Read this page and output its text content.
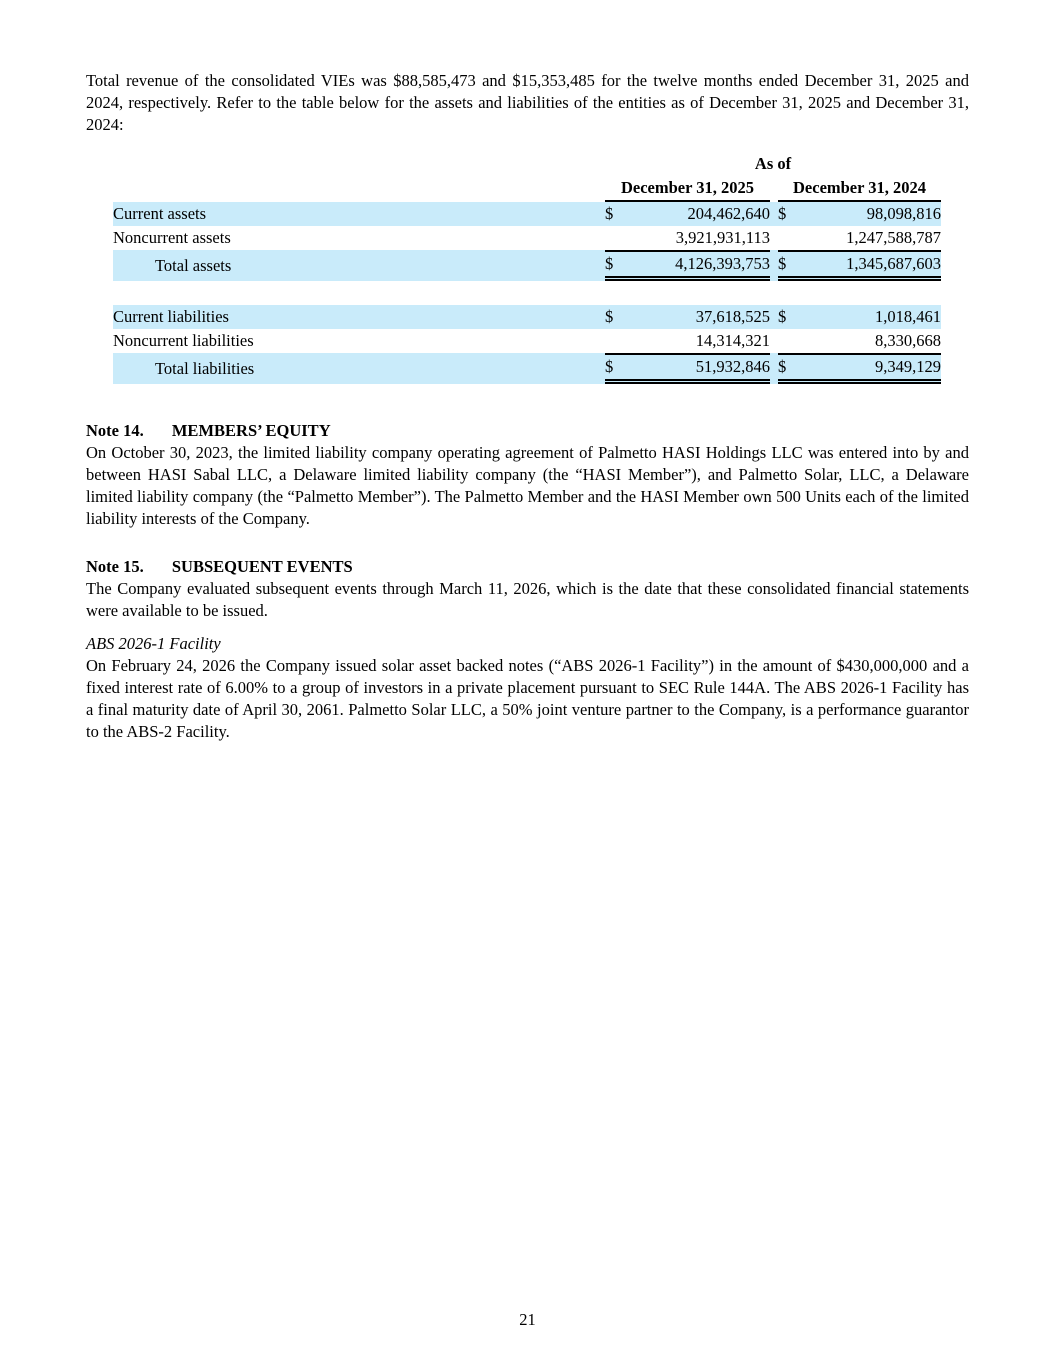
Total revenue of the consolidated VIEs was $88,585,473 and $15,353,485 for the twelve months ended December 31, 2025 and 2024, respectively. Refer to the table below for the assets and liabilities of the entities as of December 31, 2025 and December 31, 2024:

	As of				
	December 31, 2025			December 31, 2024	
Current assets	$	204,462,640		$	98,098,816
Noncurrent assets		3,921,931,113			1,247,588,787
Total assets	$	4,126,393,753		$	1,345,687,603

Current liabilities	$	37,618,525		$	1,018,461
Noncurrent liabilities		14,314,321			8,330,668
Total liabilities	$	51,932,846		$	9,349,129

Note 14. MEMBERS’ EQUITY

On October 30, 2023, the limited liability company operating agreement of Palmetto HASI Holdings LLC was entered into by and between HASI Sabal LLC, a Delaware limited liability company (the “HASI Member”), and Palmetto Solar, LLC, a Delaware limited liability company (the “Palmetto Member”). The Palmetto Member and the HASI Member own 500 Units each of the limited liability interests of the Company.

Note 15. SUBSEQUENT EVENTS

The Company evaluated subsequent events through March 11, 2026, which is the date that these consolidated financial statements were available to be issued.

ABS 2026-1 Facility

On February 24, 2026 the Company issued solar asset backed notes (“ABS 2026-1 Facility”) in the amount of $430,000,000 and a fixed interest rate of 6.00% to a group of investors in a private placement pursuant to SEC Rule 144A. The ABS 2026-1 Facility has a final maturity date of April 30, 2061. Palmetto Solar LLC, a 50% joint venture partner to the Company, is a performance guarantor to the ABS-2 Facility.

21
